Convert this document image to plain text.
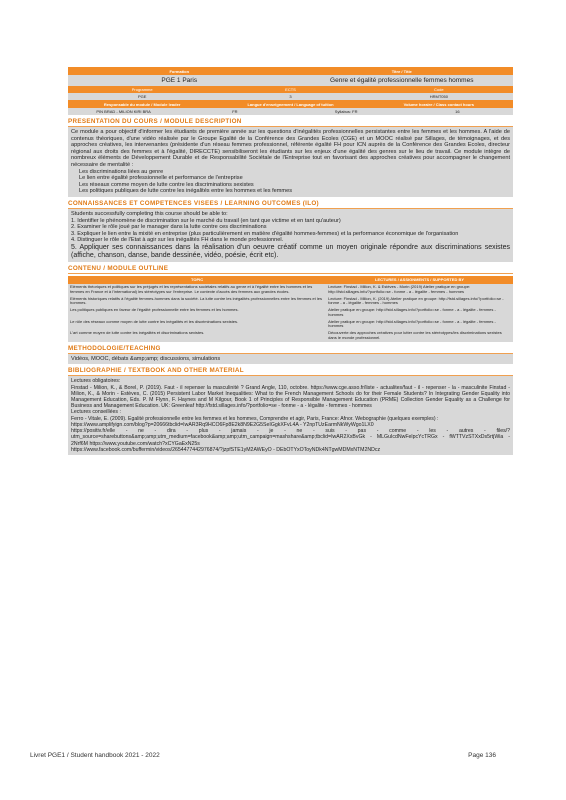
Formation	Titre / Title
PGE 1 Paris	Genre et égalité professionnelle femmes hommes
Programme	ECTS	Code
PGE	3	HRMT050
Responsable du module / Module leader	Langue d'enseignement / Language of tuition	Volume horaire / Class contact hours
PIN BRAD - MILION KIRI BRA	FR	Syllabus: FR	16
PRESENTATION DU COURS / MODULE DESCRIPTION

Ce module a pour objectif d'informer les étudiants de première année sur les questions d'inégalités professionnelles persistantes entre les femmes et les hommes. A l'aide de contenus théoriques, d'une vidéo réalisée par le Groupe Egalité de la Conférence des Grandes Ecoles (CGE) et un MOOC réalisé par Sillages, de témoignages, et des approches créatives, les intervenantes (présidente d'un réseau femmes professionnel, référente égalité FH pour ICN auprès de la Conférence des Grandes Ecoles, directeur régional aux droits des femmes et à l'égalité, DIRECCTE) sensibiliseront les étudiants sur les enjeux d'une égalité des genres sur le lieu de travail. Ce module intègre de nombreux éléments de Développement Durable et de Responsabilité Sociétale de l'Entreprise tout en favorisant des approches créatives pour accompagner le changement nécessaire de mentalité :

Les discriminations liées au genre

Le lien entre égalité professionnelle et performance de l'entreprise

Les réseaux comme moyen de lutte contre les discriminations sexistes

Les politiques publiques de lutte contre les inégalités entre les hommes et les femmes

CONNAISSANCES ET COMPETENCES VISEES / LEARNING OUTCOMES (ILO)

Students successfully completing this course should be able to:

1. Identifier le phénomène de discrimination sur le marché du travail (en tant que victime et en tant qu'auteur)

2. Examiner le rôle joué par le manager dans la lutte contre ces discriminations

3. Expliquer le lien entre la mixité en entreprise (plus particulièrement en matière d'égalité hommes-femmes) et la performance économique de l'organisation

4. Distinguer le rôle de l'Etat à agir sur les inégalités FH dans le monde professionnel.

5. Appliquer ses connaissances dans la réalisation d'un oeuvre créatif comme un moyen originale répondre aux discriminations sexistes (affiche, chanson, danse, bande dessinée, vidéo, poésie, écrit etc).

CONTENU / MODULE OUTLINE
TOPIC	LECTURES / ASSIGNMENTS / SUPPORTED BY
Eléments théoriques et politiques sur les préjugés et les représentations sociétales relatifs au genre et à l'égalité entre les hommes et les femmes en France et à l'international) les stéréotypes sur l'entreprise. Le contexte d'accès des femmes aux grandes écoles.	Lecture: Finstad - Milion, K. & Estèves - Morin (2019) Atelier pratique en groupe: http://fstd.sillages.info/?portfolio=se - fonme - a - légalite - femmes - hommes
Eléments historiques relatifs à l'égalité femmes-hommes dans la société. La lutte contre les inégalités professionnelles entre les femmes et les hommes.	Lecture: Finstad - Milion, K. (2019) Atelier pratique en groupe: http://fstd.sillages.info/?portfolio=se - fonme - a - légalite - femmes - hommes
Les politiques publiques en faveur de l'égalité professionnelle entre les femmes et les hommes.	Atelier pratique en groupe: http://fstd.sillages.info/?portfolio=se - fonme - a - légalite - femmes - hommes
Le rôle des réseaux comme moyen de lutte contre les inégalités et les discriminations sexistes.	Atelier pratique en groupe: http://fstd.sillages.info/?portfolio=se - fonme - a - légalite - femmes - hommes
L'art comme moyen de lutte contre les inégalités et discriminations sexistes.	Découverte des approches créatives pour lutter contre les stéréotypes/les discriminations sexistes dans le monde professionnel.
METHODOLOGIE/TEACHING

Vidéos, MOOC, débats &amp;amp; discussions, simulations

BIBLIOGRAPHIE / TEXTBOOK AND OTHER MATERIAL

Lectures obligatoires:

Finstad - Milion, K., & Borel, P. (2019). Faut - il repenser la masculinité ? Grand Angle, 110, octobre. https://www.cge.asso.fr/liste - actualites/faut - il - repenser - la - masculinite Finstad - Milion, K., & Morin - Estèves, C. (2015) Persistent Labor Market Inequalities: What to the French Management Schools do for their Female Students? In Integrating Gender Equality into Management Education, Eds. P. M Flynn, F. Haynes and M Kilgour, Book 1 of Principles of Responsible Management Education (PRME) Collection Gender Equality as a Challenge for Business and Management Education. UK: Greenleaf http://fstd.sillages.info/?portfolio=se - fonme - a - légalite - femmes - hommes

Lectures conseillées :

Ferro - Vitale, E. (2009). Egalité professionnelle entre les femmes et les hommes, Comprendre et agir, Paris, France: Afnor. Webographie (quelques exemples) :

https://www.amplifyign.com/blog?p=20666tbclid=IwAR3Rq9HCO6Fp8E2k8N9E2G5SeIGgkXFvL4A - Y2npTUzEarmNkWyWgo1LX0

https://positiv.fr/elle - ne - dira - plus - jamais - je - ne - suis - pas - comme - les - autres - files/?utm_source=sharebuttons&amp;amp;utm_medium=facebook&amp;amp;utm_campaign=mashshare&amp;tbclid=IwAR2XxBvGk - MLGuIcdNwFelpcYcTRGx - fWTTVzSTXxDs5rtjWia - 2Nrf6M https://www.youtube.com/watch?xCYGaExN25s

https://www.facebook.com/buffermin/videos/2654477442976874/?jzpfSTE1yM2AWEyO - DEbOTYxOToyNDk4NTgwMDMxNTM2NDcz

Livret PGE1 / Student handbook 2021 - 2022	Page 136
